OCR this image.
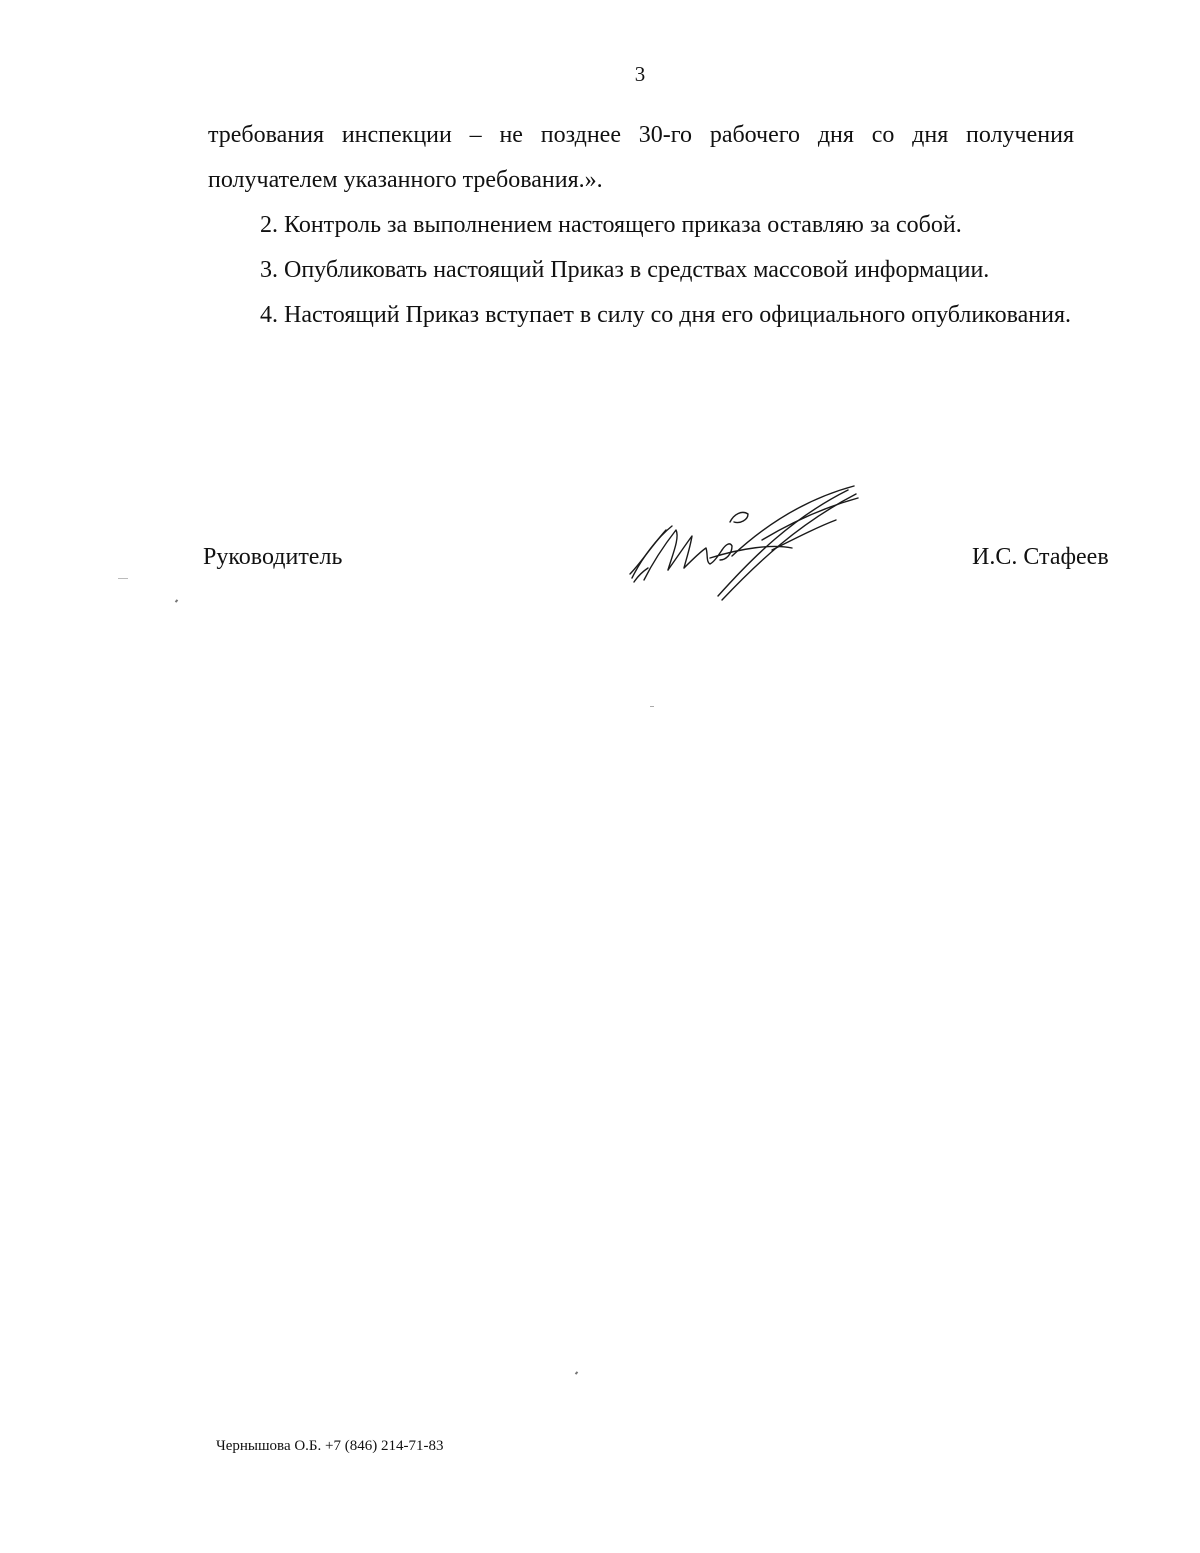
3

требования инспекции – не позднее 30-го рабочего дня со дня получения получателем указанного требования.».

2. Контроль за выполнением настоящего приказа оставляю за собой.

3. Опубликовать настоящий Приказ в средствах массовой информации.

4. Настоящий Приказ вступает в силу со дня его официального опубликования.

Руководитель	И.С. Стафеев
Чернышова О.Б. +7 (846) 214-71-83
